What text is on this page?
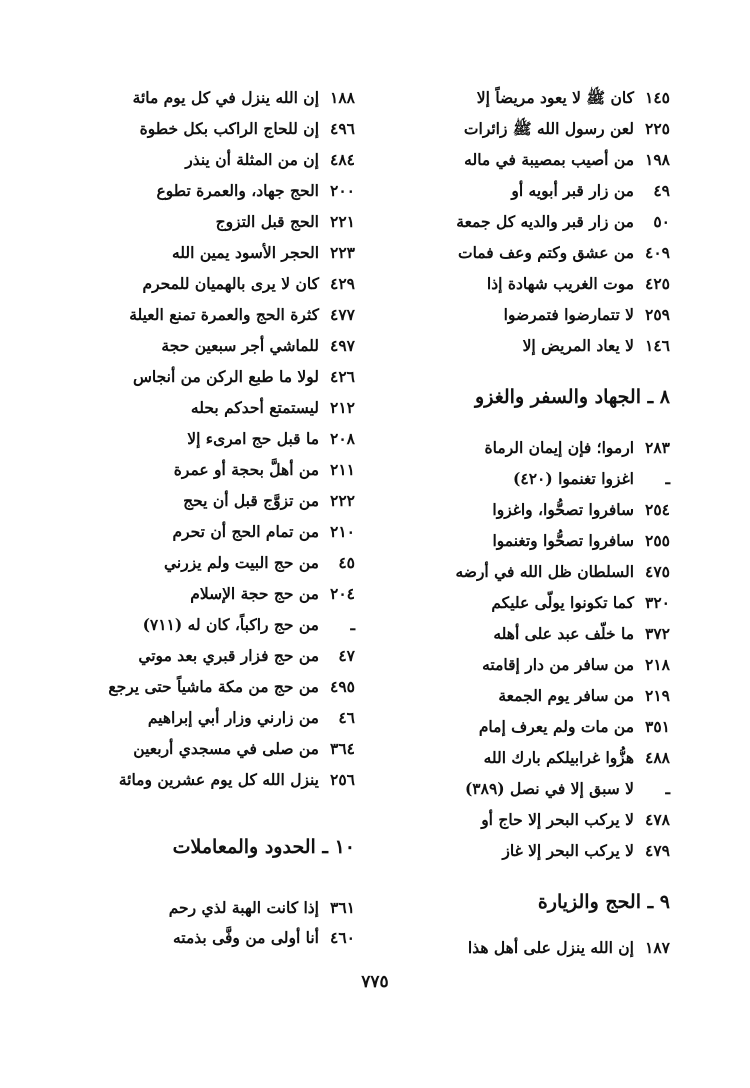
١٤٥كان ﷺ لا يعود مريضاً إلا
٢٢٥لعن رسول الله ﷺ زائرات
١٩٨من أصيب بمصيبة في ماله
٤٩من زار قبر أبويه أو
٥٠من زار قبر والديه كل جمعة
٤٠٩من عشق وكتم وعف فمات
٤٢٥موت الغريب شهادة إذا
٢٥٩لا تتمارضوا فتمرضوا
١٤٦لا يعاد المريض إلا
٨ ـ الجهاد والسفر والغزو
٢٨٣ارموا؛ فإن إيمان الرماة
ـاغزوا تغنموا (٤٢٠)
٢٥٤سافروا تصحُّوا، واغزوا
٢٥٥سافروا تصحُّوا وتغنموا
٤٧٥السلطان ظل الله في أرضه
٣٢٠كما تكونوا يولّى عليكم
٣٧٢ما خلّف عبد على أهله
٢١٨من سافر من دار إقامته
٢١٩من سافر يوم الجمعة
٣٥١من مات ولم يعرف إمام
٤٨٨هزُّوا غرابيلكم بارك الله
ـلا سبق إلا في نصل (٣٨٩)
٤٧٨لا يركب البحر إلا حاج أو
٤٧٩لا يركب البحر إلا غاز
٩ ـ الحج والزيارة
١٨٧إن الله ينزل على أهل هذا
١٨٨إن الله ينزل في كل يوم مائة
٤٩٦إن للحاج الراكب بكل خطوة
٤٨٤إن من المثلة أن ينذر
٢٠٠الحج جهاد، والعمرة تطوع
٢٢١الحج قبل التزوج
٢٢٣الحجر الأسود يمين الله
٤٢٩كان لا يرى بالهميان للمحرم
٤٧٧كثرة الحج والعمرة تمنع العيلة
٤٩٧للماشي أجر سبعين حجة
٤٢٦لولا ما طبع الركن من أنجاس
٢١٢ليستمتع أحدكم بحله
٢٠٨ما قبل حج امرىء إلا
٢١١من أهلَّ بحجة أو عمرة
٢٢٢من تزوَّج قبل أن يحج
٢١٠من تمام الحج أن تحرم
٤٥من حج البيت ولم يزرني
٢٠٤من حج حجة الإسلام
ـمن حج راكباً، كان له (٧١١)
٤٧من حج فزار قبري بعد موتي
٤٩٥من حج من مكة ماشياً حتى يرجع
٤٦من زارني وزار أبي إبراهيم
٣٦٤من صلى في مسجدي أربعين
٢٥٦ينزل الله كل يوم عشرين ومائة
١٠ ـ الحدود والمعاملات
٣٦١إذا كانت الهبة لذي رحم
٤٦٠أنا أولى من وفَّى بذمته
٧٧٥
